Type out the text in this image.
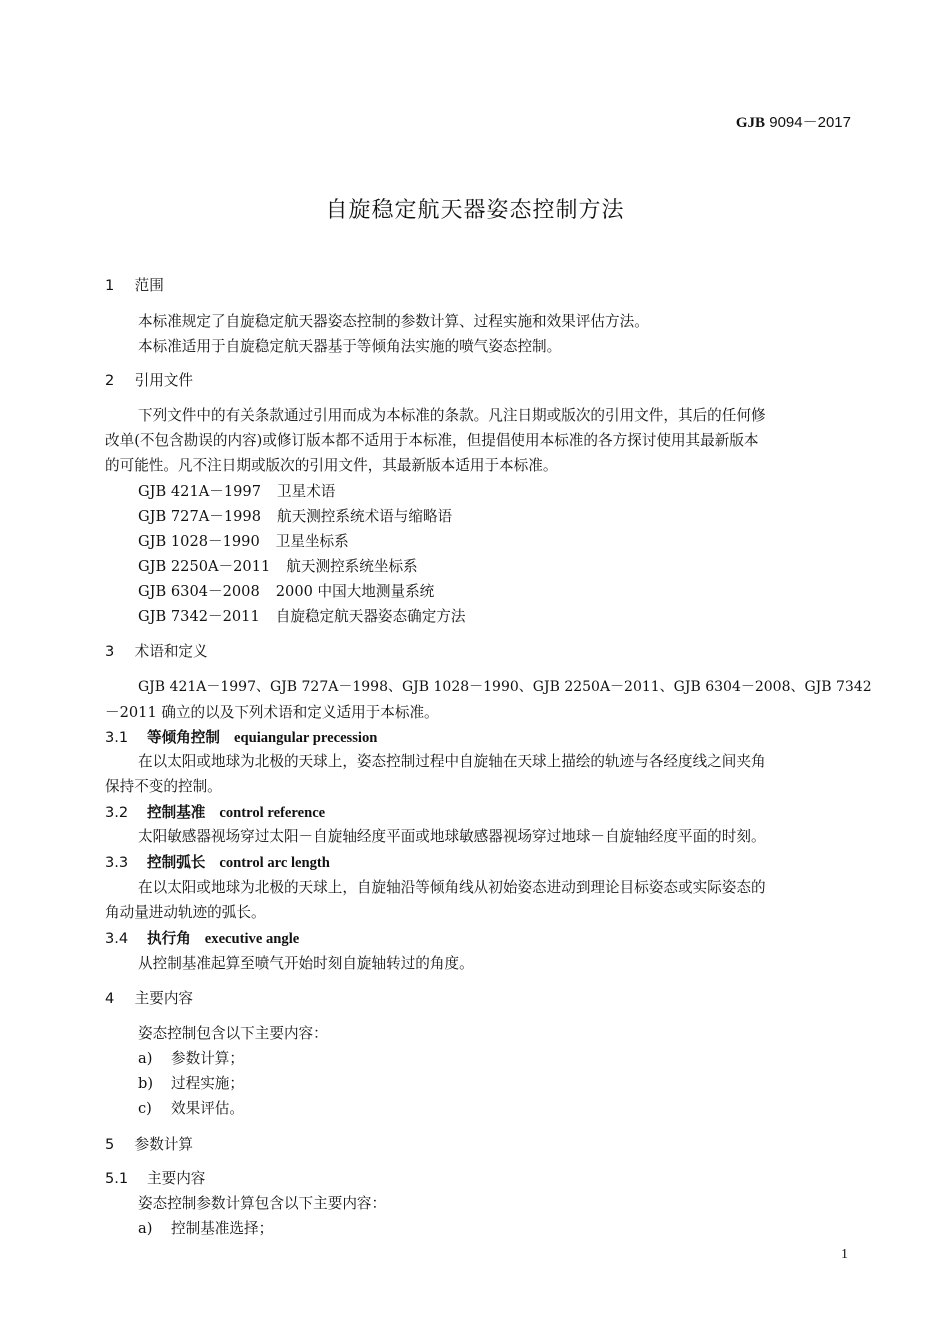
GJB 9094－2017
自旋稳定航天器姿态控制方法
1 范围
本标准规定了自旋稳定航天器姿态控制的参数计算、过程实施和效果评估方法。
本标准适用于自旋稳定航天器基于等倾角法实施的喷气姿态控制。
2 引用文件
下列文件中的有关条款通过引用而成为本标准的条款。凡注日期或版次的引用文件，其后的任何修
改单(不包含勘误的内容)或修订版本都不适用于本标准，但提倡使用本标准的各方探讨使用其最新版本
的可能性。凡不注日期或版次的引用文件，其最新版本适用于本标准。
GJB 421A－1997 卫星术语
GJB 727A－1998 航天测控系统术语与缩略语
GJB 1028－1990 卫星坐标系
GJB 2250A－2011 航天测控系统坐标系
GJB 6304－2008 2000 中国大地测量系统
GJB 7342－2011 自旋稳定航天器姿态确定方法
3 术语和定义
GJB 421A－1997、GJB 727A－1998、GJB 1028－1990、GJB 2250A－2011、GJB 6304－2008、GJB 7342
－2011 确立的以及下列术语和定义适用于本标准。
3.1 等倾角控制 equiangular precession
在以太阳或地球为北极的天球上，姿态控制过程中自旋轴在天球上描绘的轨迹与各经度线之间夹角
保持不变的控制。
3.2 控制基准 control reference
太阳敏感器视场穿过太阳－自旋轴经度平面或地球敏感器视场穿过地球－自旋轴经度平面的时刻。
3.3 控制弧长 control arc length
在以太阳或地球为北极的天球上，自旋轴沿等倾角线从初始姿态进动到理论目标姿态或实际姿态的
角动量进动轨迹的弧长。
3.4 执行角 executive angle
从控制基准起算至喷气开始时刻自旋轴转过的角度。
4 主要内容
姿态控制包含以下主要内容：
a) 参数计算；
b) 过程实施；
c) 效果评估。
5 参数计算
5.1 主要内容
姿态控制参数计算包含以下主要内容：
a) 控制基准选择；
1
